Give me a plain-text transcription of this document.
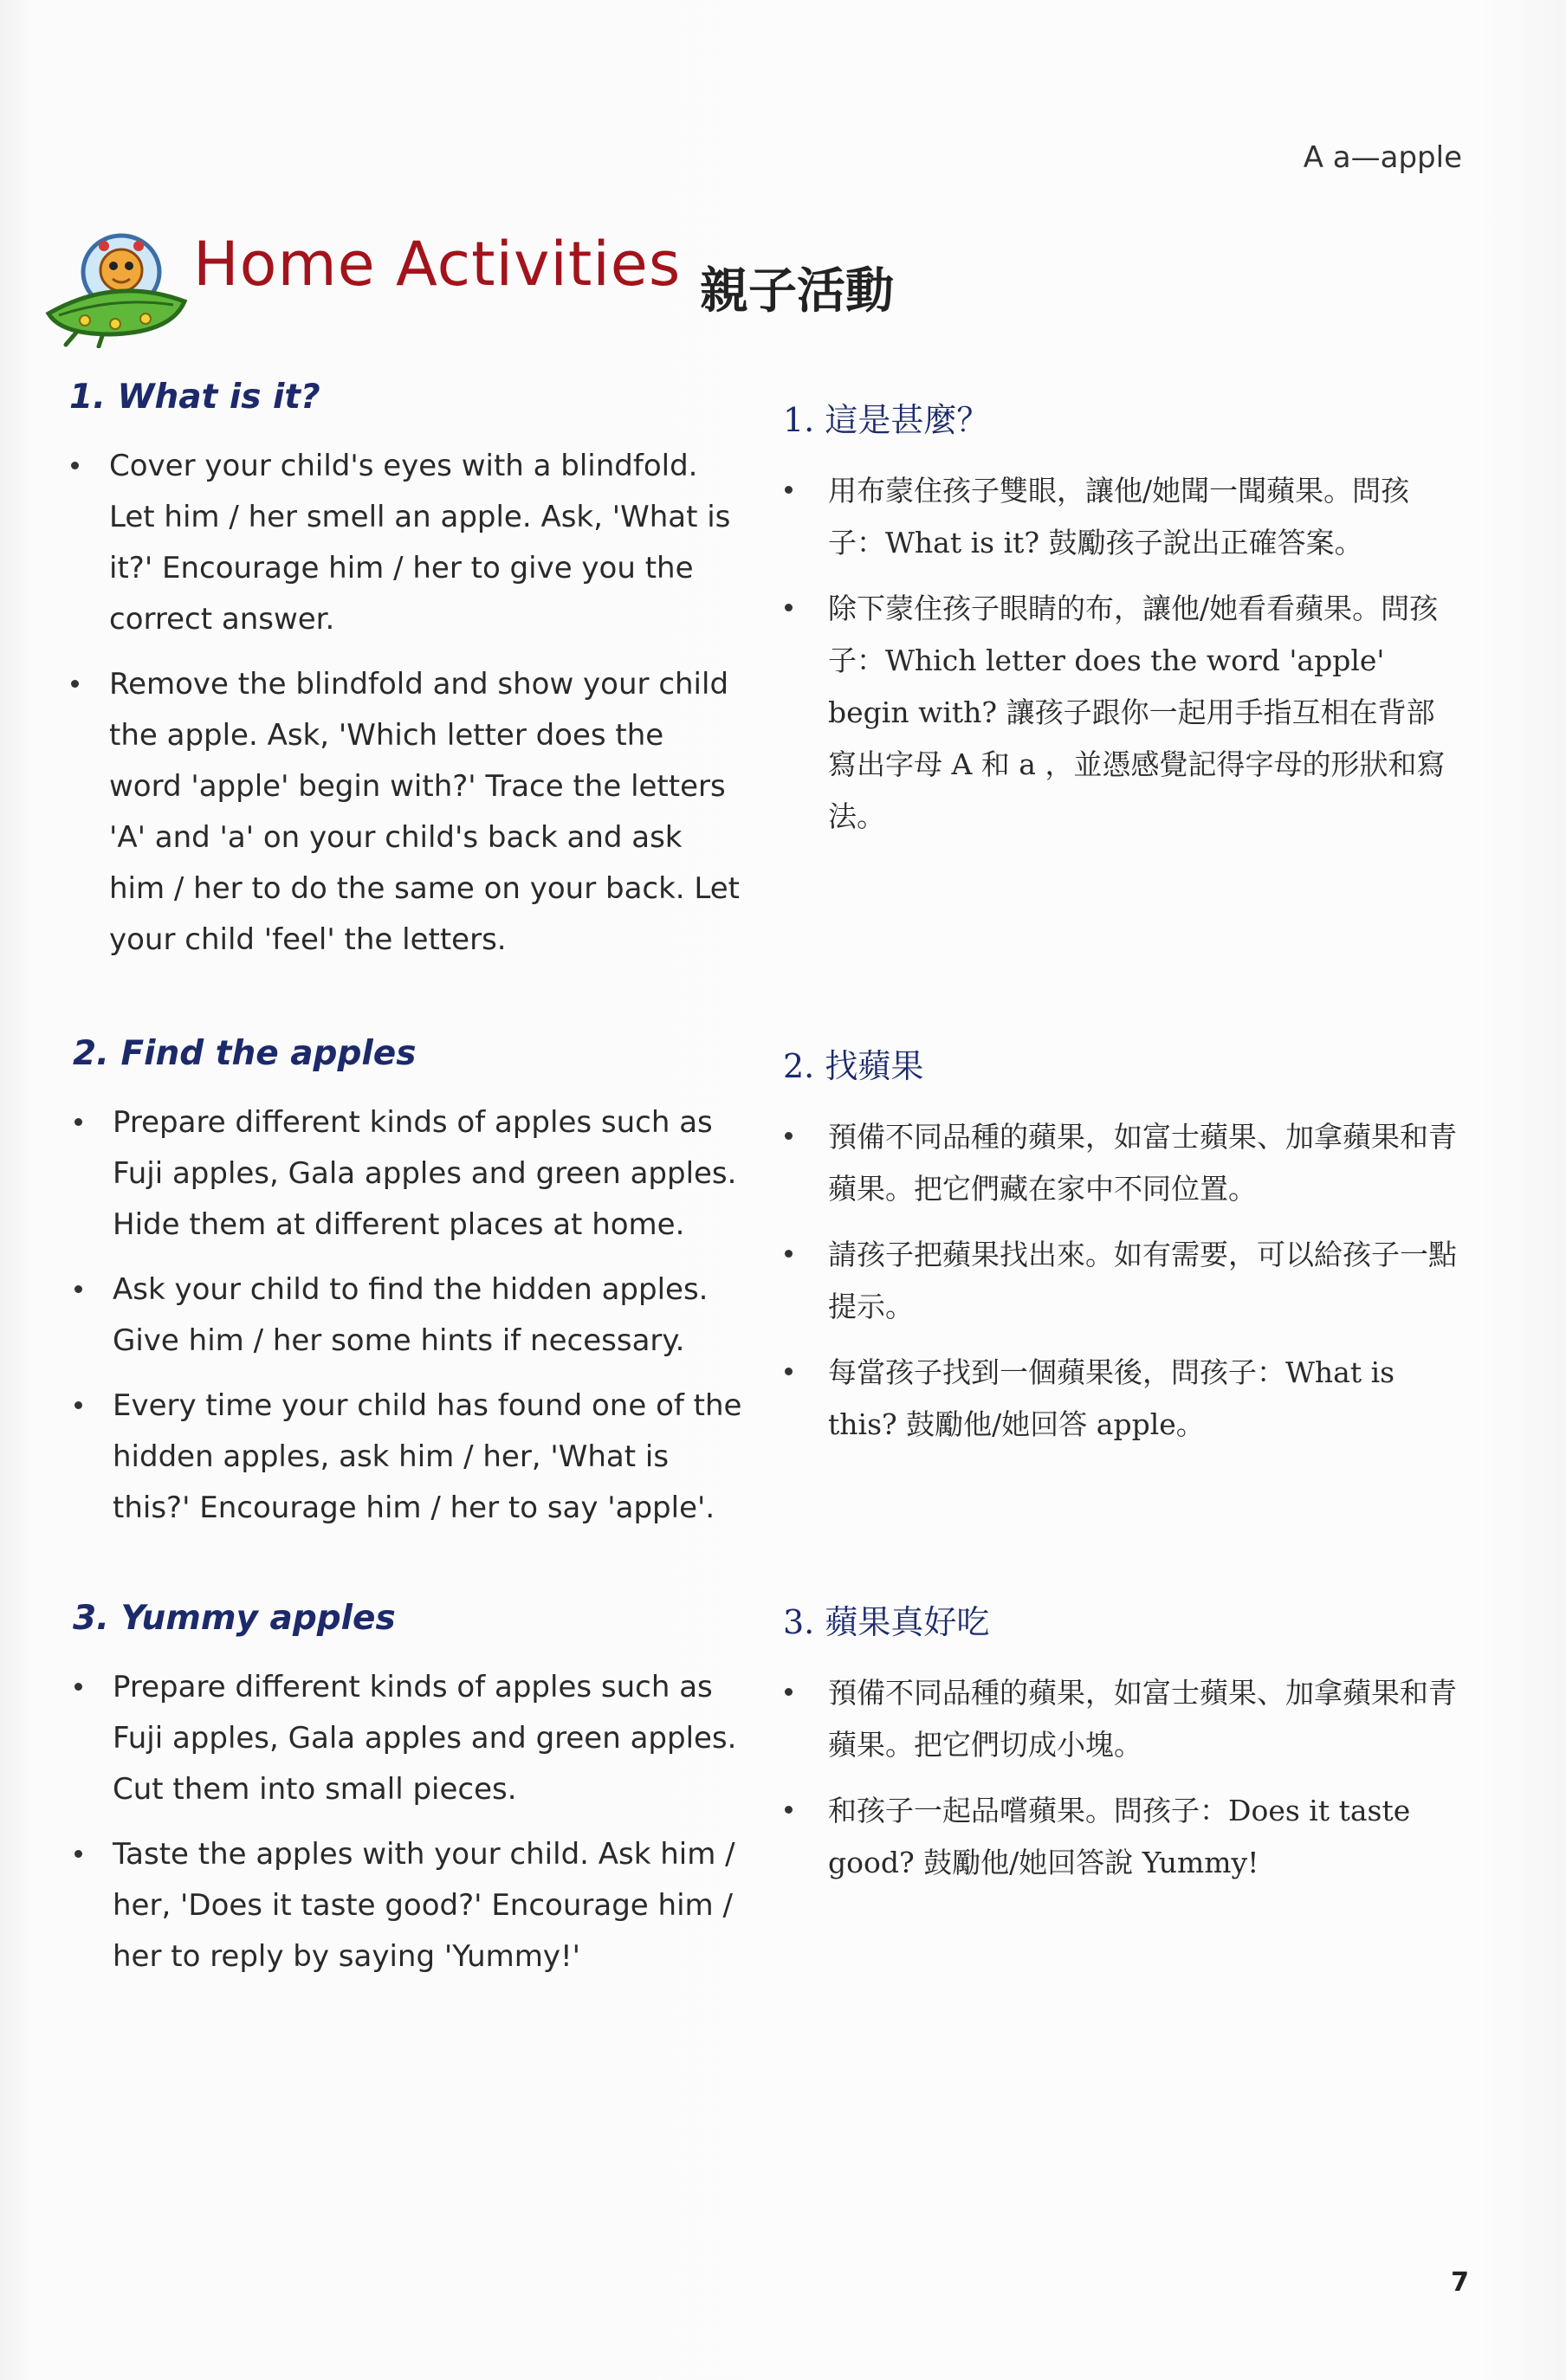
A a—apple
Home Activities 親子活動
1. What is it?
Cover your child's eyes with a blindfold. Let him / her smell an apple. Ask, 'What is it?' Encourage him / her to give you the correct answer.
Remove the blindfold and show your child the apple. Ask, 'Which letter does the word 'apple' begin with?' Trace the letters 'A' and 'a' on your child's back and ask him / her to do the same on your back. Let your child 'feel' the letters.
2. Find the apples
Prepare different kinds of apples such as Fuji apples, Gala apples and green apples. Hide them at different places at home.
Ask your child to find the hidden apples. Give him / her some hints if necessary.
Every time your child has found one of the hidden apples, ask him / her, 'What is this?' Encourage him / her to say 'apple'.
3. Yummy apples
Prepare different kinds of apples such as Fuji apples, Gala apples and green apples. Cut them into small pieces.
Taste the apples with your child. Ask him / her, 'Does it taste good?' Encourage him / her to reply by saying 'Yummy!'
1. 這是甚麼？
用布蒙住孩子雙眼，讓他/她聞一聞蘋果。問孩子：What is it? 鼓勵孩子說出正確答案。
除下蒙住孩子眼睛的布，讓他/她看看蘋果。問孩子：Which letter does the word 'apple' begin with? 讓孩子跟你一起用手指互相在背部寫出字母 A 和 a ，並憑感覺記得字母的形狀和寫法。
2. 找蘋果
預備不同品種的蘋果，如富士蘋果、加拿蘋果和青蘋果。把它們藏在家中不同位置。
請孩子把蘋果找出來。如有需要，可以給孩子一點提示。
每當孩子找到一個蘋果後，問孩子：What is this? 鼓勵他/她回答 apple。
3. 蘋果真好吃
預備不同品種的蘋果，如富士蘋果、加拿蘋果和青蘋果。把它們切成小塊。
和孩子一起品嚐蘋果。問孩子：Does it taste good? 鼓勵他/她回答說 Yummy!
7
